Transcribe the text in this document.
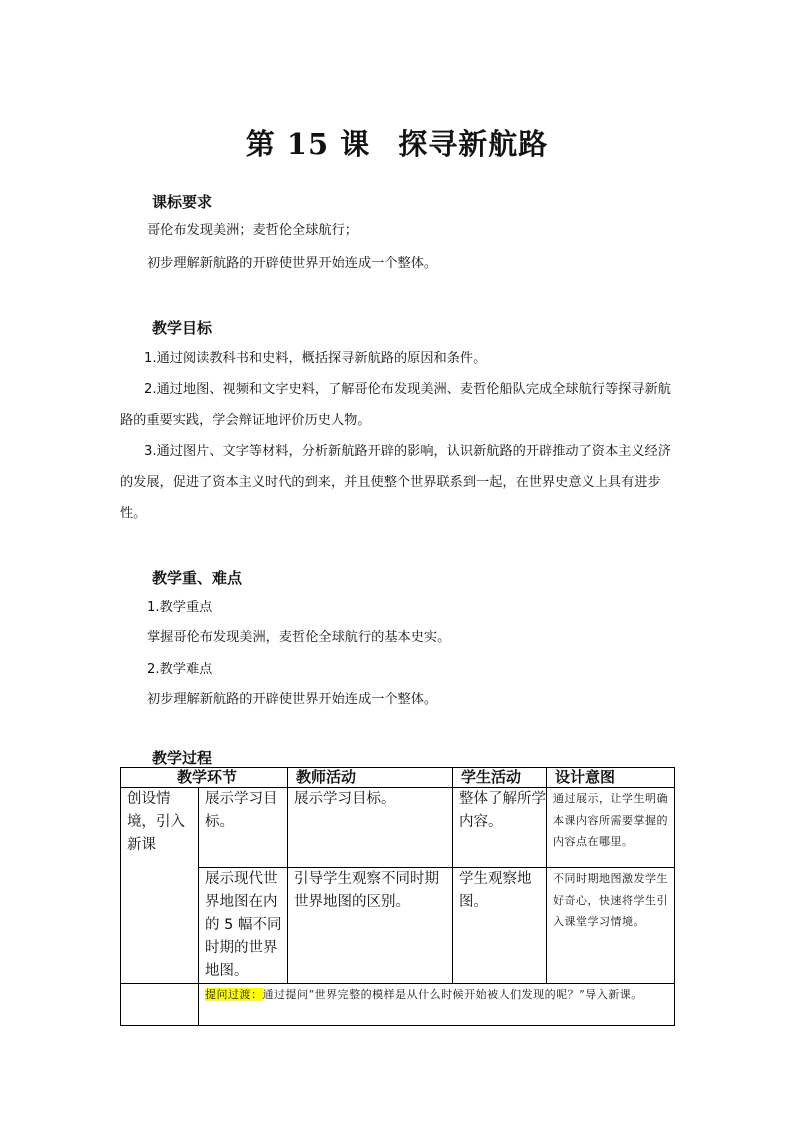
第 15 课 探寻新航路
课标要求
哥伦布发现美洲；麦哲伦全球航行；
初步理解新航路的开辟使世界开始连成一个整体。
教学目标
1.通过阅读教科书和史料，概括探寻新航路的原因和条件。
2.通过地图、视频和文字史料，了解哥伦布发现美洲、麦哲伦船队完成全球航行等探寻新航路的重要实践，学会辩证地评价历史人物。
3.通过图片、文字等材料，分析新航路开辟的影响，认识新航路的开辟推动了资本主义经济的发展，促进了资本主义时代的到来，并且使整个世界联系到一起，在世界史意义上具有进步性。
教学重、难点
1.教学重点
掌握哥伦布发现美洲，麦哲伦全球航行的基本史实。
2.教学难点
初步理解新航路的开辟使世界开始连成一个整体。
教学过程
教学环节		教师活动	学生活动	设计意图
创设情境，引入新课	展示学习目标。	展示学习目标。	整体了解所学内容。	通过展示，让学生明确本课内容所需要掌握的内容点在哪里。
	展示现代世界地图在内的 5 幅不同时期的世界地图。	引导学生观察不同时期世界地图的区别。	学生观察地图。	不同时期地图激发学生好奇心，快速将学生引入课堂学习情境。
	提问过渡：通过提问“世界完整的模样是从什么时候开始被人们发现的呢？”导入新课。			
